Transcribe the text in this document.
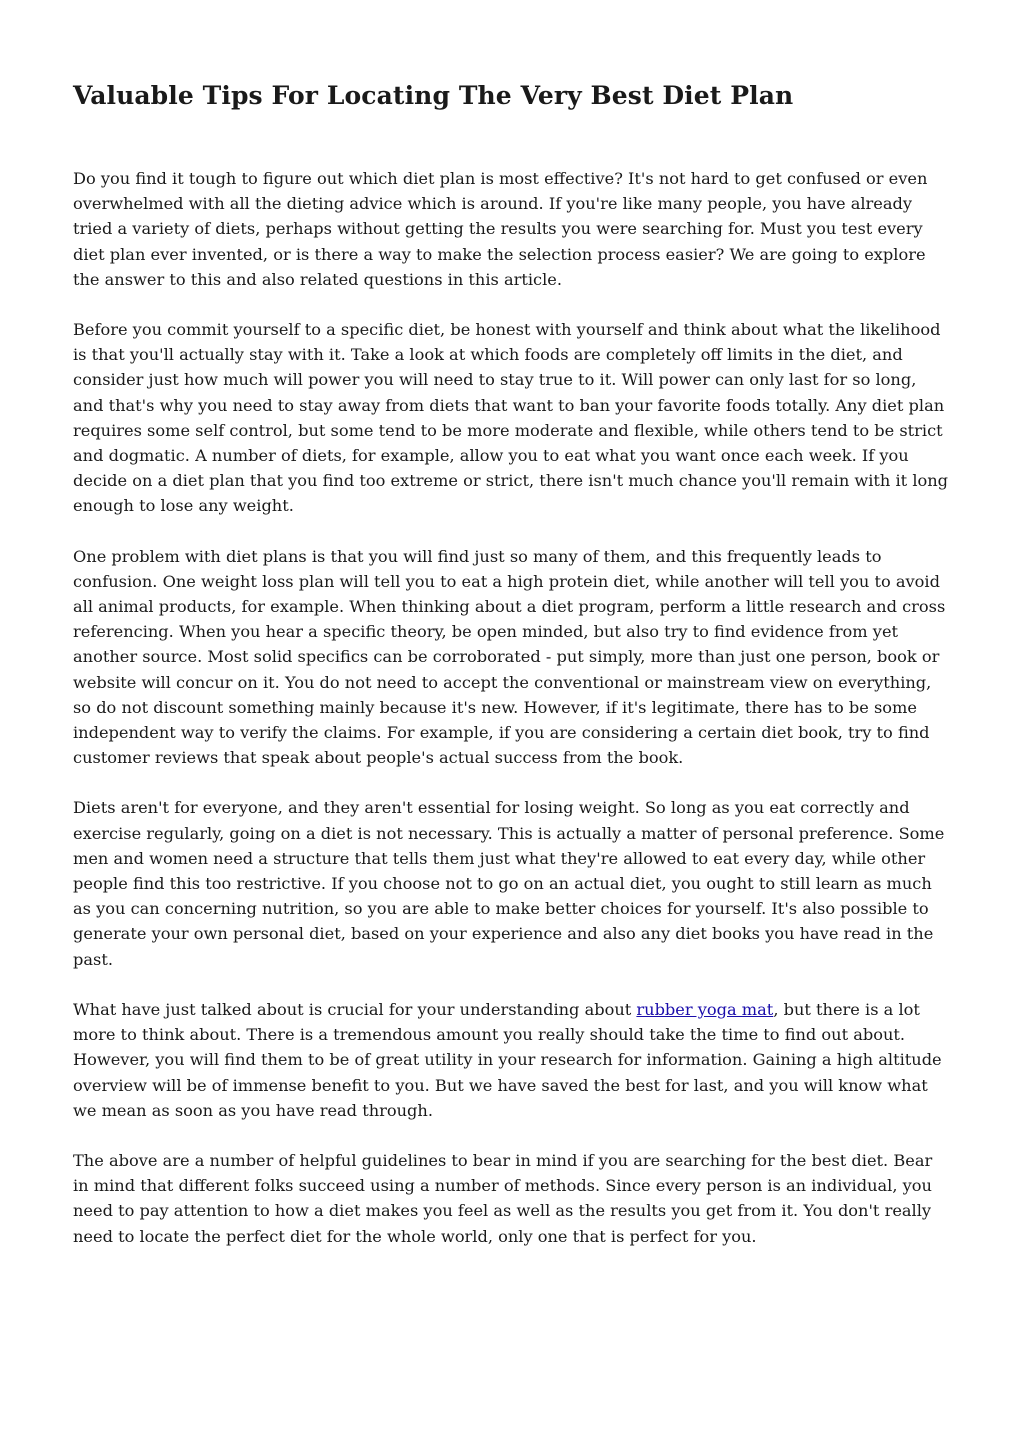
Valuable Tips For Locating The Very Best Diet Plan

Do you find it tough to figure out which diet plan is most effective? It's not hard to get confused or even overwhelmed with all the dieting advice which is around. If you're like many people, you have already tried a variety of diets, perhaps without getting the results you were searching for. Must you test every diet plan ever invented, or is there a way to make the selection process easier? We are going to explore the answer to this and also related questions in this article.

Before you commit yourself to a specific diet, be honest with yourself and think about what the likelihood is that you'll actually stay with it. Take a look at which foods are completely off limits in the diet, and consider just how much will power you will need to stay true to it. Will power can only last for so long, and that's why you need to stay away from diets that want to ban your favorite foods totally. Any diet plan requires some self control, but some tend to be more moderate and flexible, while others tend to be strict and dogmatic. A number of diets, for example, allow you to eat what you want once each week. If you decide on a diet plan that you find too extreme or strict, there isn't much chance you'll remain with it long enough to lose any weight.

One problem with diet plans is that you will find just so many of them, and this frequently leads to confusion. One weight loss plan will tell you to eat a high protein diet, while another will tell you to avoid all animal products, for example. When thinking about a diet program, perform a little research and cross referencing. When you hear a specific theory, be open minded, but also try to find evidence from yet another source. Most solid specifics can be corroborated - put simply, more than just one person, book or website will concur on it. You do not need to accept the conventional or mainstream view on everything, so do not discount something mainly because it's new. However, if it's legitimate, there has to be some independent way to verify the claims. For example, if you are considering a certain diet book, try to find customer reviews that speak about people's actual success from the book.

Diets aren't for everyone, and they aren't essential for losing weight. So long as you eat correctly and exercise regularly, going on a diet is not necessary. This is actually a matter of personal preference. Some men and women need a structure that tells them just what they're allowed to eat every day, while other people find this too restrictive. If you choose not to go on an actual diet, you ought to still learn as much as you can concerning nutrition, so you are able to make better choices for yourself. It's also possible to generate your own personal diet, based on your experience and also any diet books you have read in the past.

What have just talked about is crucial for your understanding about rubber yoga mat, but there is a lot more to think about. There is a tremendous amount you really should take the time to find out about. However, you will find them to be of great utility in your research for information. Gaining a high altitude overview will be of immense benefit to you. But we have saved the best for last, and you will know what we mean as soon as you have read through.

The above are a number of helpful guidelines to bear in mind if you are searching for the best diet. Bear in mind that different folks succeed using a number of methods. Since every person is an individual, you need to pay attention to how a diet makes you feel as well as the results you get from it. You don't really need to locate the perfect diet for the whole world, only one that is perfect for you.
